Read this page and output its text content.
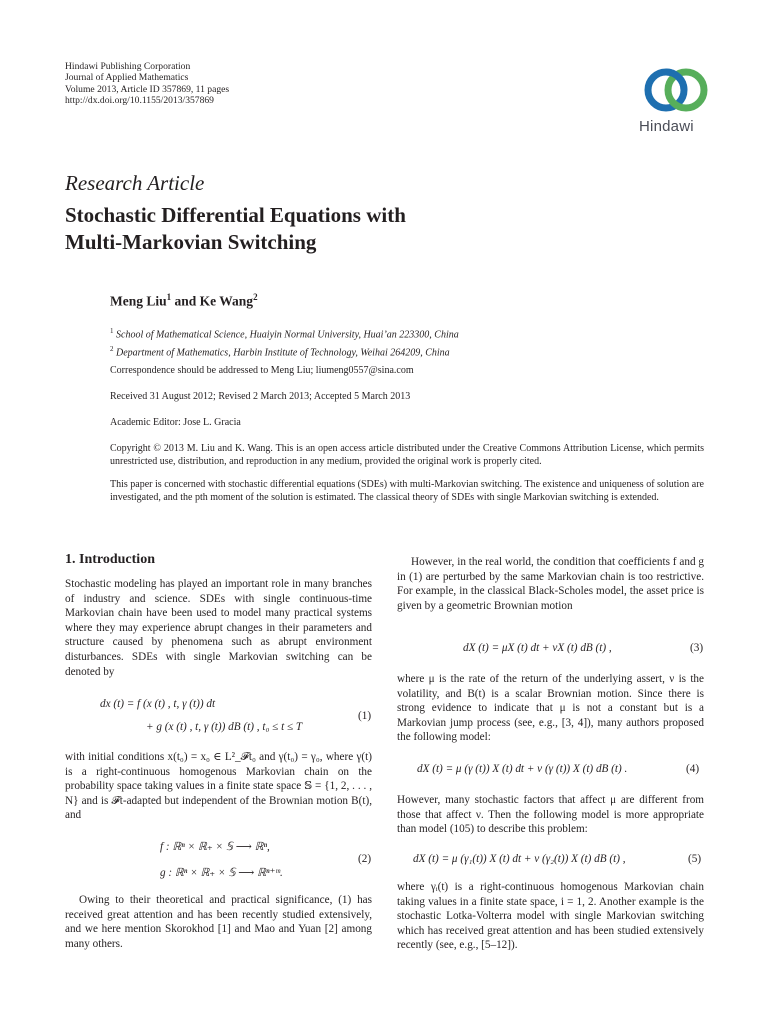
Hindawi Publishing Corporation
Journal of Applied Mathematics
Volume 2013, Article ID 357869, 11 pages
http://dx.doi.org/10.1155/2013/357869
Hindawi
Research Article
Stochastic Differential Equations with
Multi-Markovian Switching
Meng Liu$^1$ and Ke Wang$^2$
$^1$ School of Mathematical Science, Huaiyin Normal University, Huai’an 223300, China
$^2$ Department of Mathematics, Harbin Institute of Technology, Weihai 264209, China
Correspondence should be addressed to Meng Liu; liumeng0557@sina.com
Received 31 August 2012; Revised 2 March 2013; Accepted 5 March 2013
Academic Editor: Jose L. Gracia
Copyright © 2013 M. Liu and K. Wang. This is an open access article distributed under the Creative Commons Attribution License, which permits unrestricted use, distribution, and reproduction in any medium, provided the original work is properly cited.
This paper is concerned with stochastic differential equations (SDEs) with multi-Markovian switching. The existence and uniqueness of solution are investigated, and the pth moment of the solution is estimated. The classical theory of SDEs with single Markovian switching is extended.
1. Introduction
Stochastic modeling has played an important role in many branches of industry and science. SDEs with single continuous-time Markovian chain have been used to model many practical systems where they may experience abrupt changes in their parameters and structure caused by phenomena such as abrupt environment disturbances. SDEs with single Markovian switching can be denoted by
dx (t) = f (x (t) , t, γ (t)) dt
+ g (x (t) , t, γ (t)) dB (t) , t₀ ≤ t ≤ T
(1)
with initial conditions x(t₀) = x₀ ∈ L²_𝓕t₀ and γ(t₀) = γ₀, where γ(t) is a right-continuous homogenous Markovian chain on the probability space taking values in a finite state space 𝕊 = {1, 2, . . . , N} and is 𝓕t-adapted but independent of the Brownian motion B(t), and
f : ℝⁿ × ℝ₊ × 𝕊 ⟶ ℝⁿ,
g : ℝⁿ × ℝ₊ × 𝕊 ⟶ ℝⁿ⁺ᵐ.
(2)
Owing to their theoretical and practical significance, (1) has received great attention and has been recently studied extensively, and we here mention Skorokhod [1] and Mao and Yuan [2] among many others.
However, in the real world, the condition that coefficients f and g in (1) are perturbed by the same Markovian chain is too restrictive. For example, in the classical Black-Scholes model, the asset price is given by a geometric Brownian motion
dX (t) = μX (t) dt + νX (t) dB (t) ,	(3)
where μ is the rate of the return of the underlying assert, ν is the volatility, and B(t) is a scalar Brownian motion. Since there is strong evidence to indicate that μ is not a constant but is a Markovian jump process (see, e.g., [3, 4]), many authors proposed the following model:
dX (t) = μ (γ (t)) X (t) dt + ν (γ (t)) X (t) dB (t) .	(4)
However, many stochastic factors that affect μ are different from those that affect ν. Then the following model is more appropriate than model (105) to describe this problem:
dX (t) = μ (γ₁(t)) X (t) dt + ν (γ₂(t)) X (t) dB (t) ,	(5)
where γᵢ(t) is a right-continuous homogenous Markovian chain taking values in a finite state space, i = 1, 2. Another example is the stochastic Lotka-Volterra model with single Markovian switching which has received great attention and has been studied extensively recently (see, e.g., [5–12]).
